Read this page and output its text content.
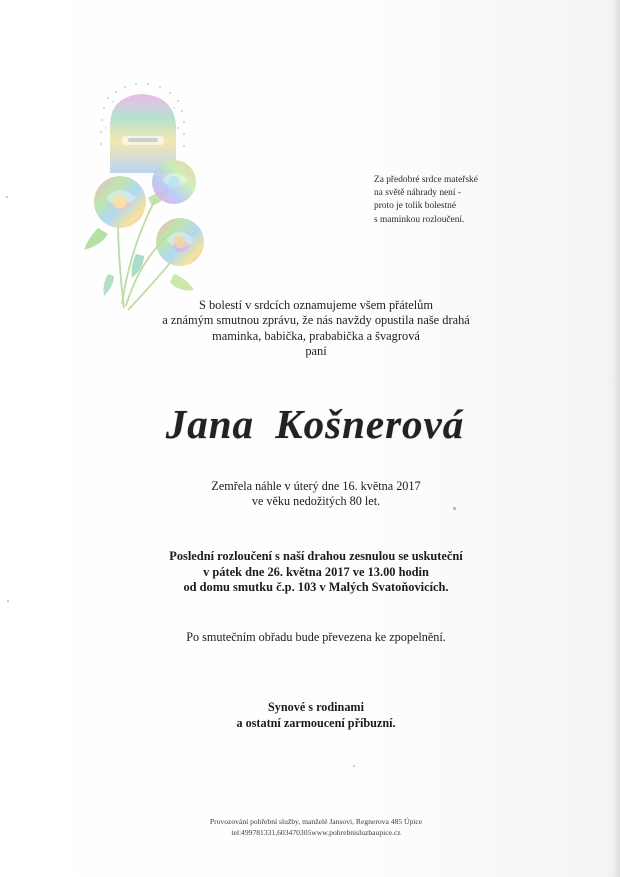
Za předobré srdce mateřské
na světě náhrady není -
proto je tolik bolestné
s maminkou rozloučení.
S bolestí v srdcích oznamujeme všem přátelům
a známým smutnou zprávu, že nás navždy opustila naše drahá
maminka, babička, prababička a švagrová
paní
Jana Košnerová
Zemřela náhle v úterý dne 16. května 2017
ve věku nedožitých 80 let.
Poslední rozloučení s naší drahou zesnulou se uskuteční
v pátek dne 26. května 2017 ve 13.00 hodin
od domu smutku č.p. 103 v Malých Svatoňovicích.
Po smutečním obřadu bude převezena ke zpopelnění.
Synové s rodinami
a ostatní zarmoucení příbuzní.
Provozování pohřební služby, manželé Jansovi, Regnerova 485 Úpice
tel:499781331,603470305www.pohrebnisluzbaupice.cz
